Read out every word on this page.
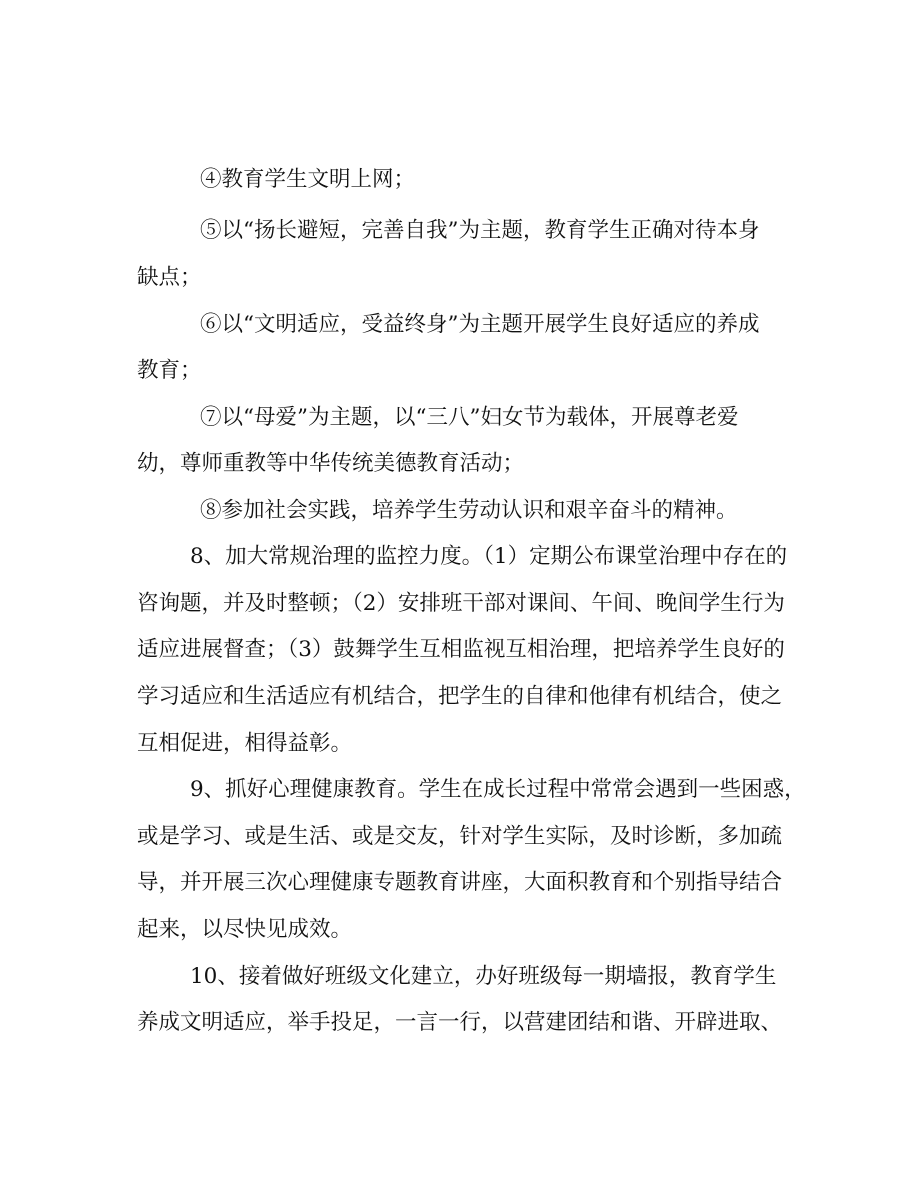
④教育学生文明上网；
⑤以“扬长避短，完善自我”为主题，教育学生正确对待本身
缺点；
⑥以“文明适应，受益终身”为主题开展学生良好适应的养成
教育；
⑦以“母爱”为主题，以“三八”妇女节为载体，开展尊老爱
幼，尊师重教等中华传统美德教育活动；
⑧参加社会实践，培养学生劳动认识和艰辛奋斗的精神。
8、加大常规治理的监控力度。（1）定期公布课堂治理中存在的
咨询题，并及时整顿；（2）安排班干部对课间、午间、晚间学生行为
适应进展督查；（3）鼓舞学生互相监视互相治理，把培养学生良好的
学习适应和生活适应有机结合，把学生的自律和他律有机结合，使之
互相促进，相得益彰。
9、抓好心理健康教育。学生在成长过程中常常会遇到一些困惑，
或是学习、或是生活、或是交友，针对学生实际，及时诊断，多加疏
导，并开展三次心理健康专题教育讲座，大面积教育和个别指导结合
起来，以尽快见成效。
10、接着做好班级文化建立，办好班级每一期墙报，教育学生
养成文明适应，举手投足，一言一行，以营建团结和谐、开辟进取、
